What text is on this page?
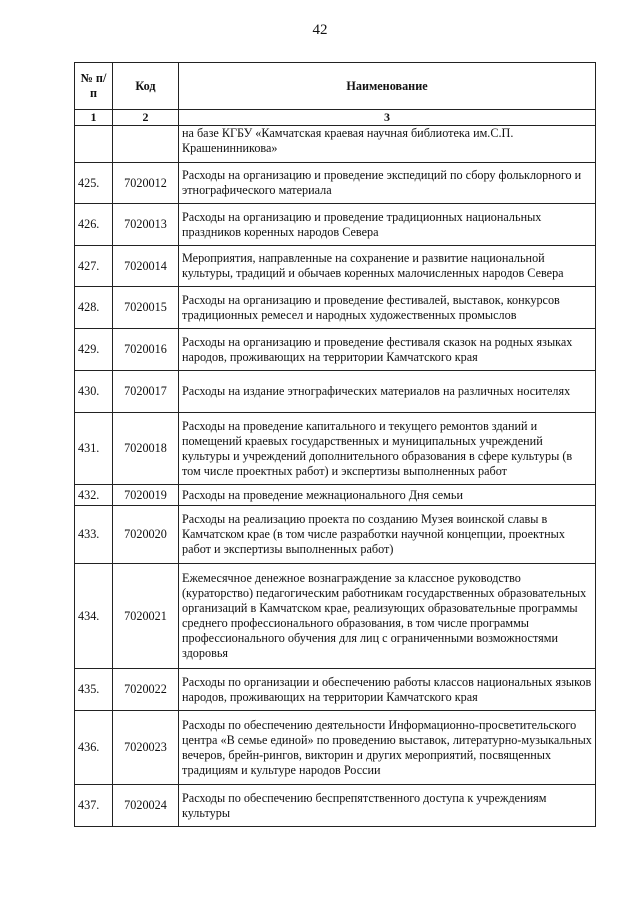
42
№ п/п	Код	Наименование
1	2	3
		на базе КГБУ «Камчатская краевая научная библиотека им.С.П. Крашенинникова»
425.	7020012	Расходы на организацию и проведение экспедиций по сбору фольклорного и этнографического материала
426.	7020013	Расходы на организацию и проведение традиционных национальных праздников коренных народов Севера
427.	7020014	Мероприятия, направленные на сохранение и развитие национальной культуры, традиций и обычаев коренных малочисленных народов Севера
428.	7020015	Расходы на организацию и проведение фестивалей, выставок, конкурсов традиционных ремесел и народных художественных промыслов
429.	7020016	Расходы на организацию и проведение фестиваля сказок на родных языках народов, проживающих на территории Камчатского края
430.	7020017	Расходы на издание этнографических материалов на различных носителях
431.	7020018	Расходы на проведение капитального и текущего ремонтов зданий и помещений краевых государственных и муниципальных учреждений культуры и учреждений дополнительного образования в сфере культуры (в том числе проектных работ) и экспертизы выполненных работ
432.	7020019	Расходы на проведение межнационального Дня семьи
433.	7020020	Расходы на реализацию проекта по созданию Музея воинской славы в Камчатском крае (в том числе разработки научной концепции, проектных работ и экспертизы выполненных работ)
434.	7020021	Ежемесячное денежное вознаграждение за классное руководство (кураторство) педагогическим работникам государственных образовательных организаций в Камчатском крае, реализующих образовательные программы среднего профессионального образования, в том числе программы профессионального обучения для лиц с ограниченными возможностями здоровья
435.	7020022	Расходы по организации и обеспечению работы классов национальных языков народов, проживающих на территории Камчатского края
436.	7020023	Расходы по обеспечению деятельности Информационно-просветительского центра «В семье единой» по проведению выставок, литературно-музыкальных вечеров, брейн-рингов, викторин и других мероприятий, посвященных традициям и культуре народов России
437.	7020024	Расходы по обеспечению беспрепятственного доступа к учреждениям культуры
